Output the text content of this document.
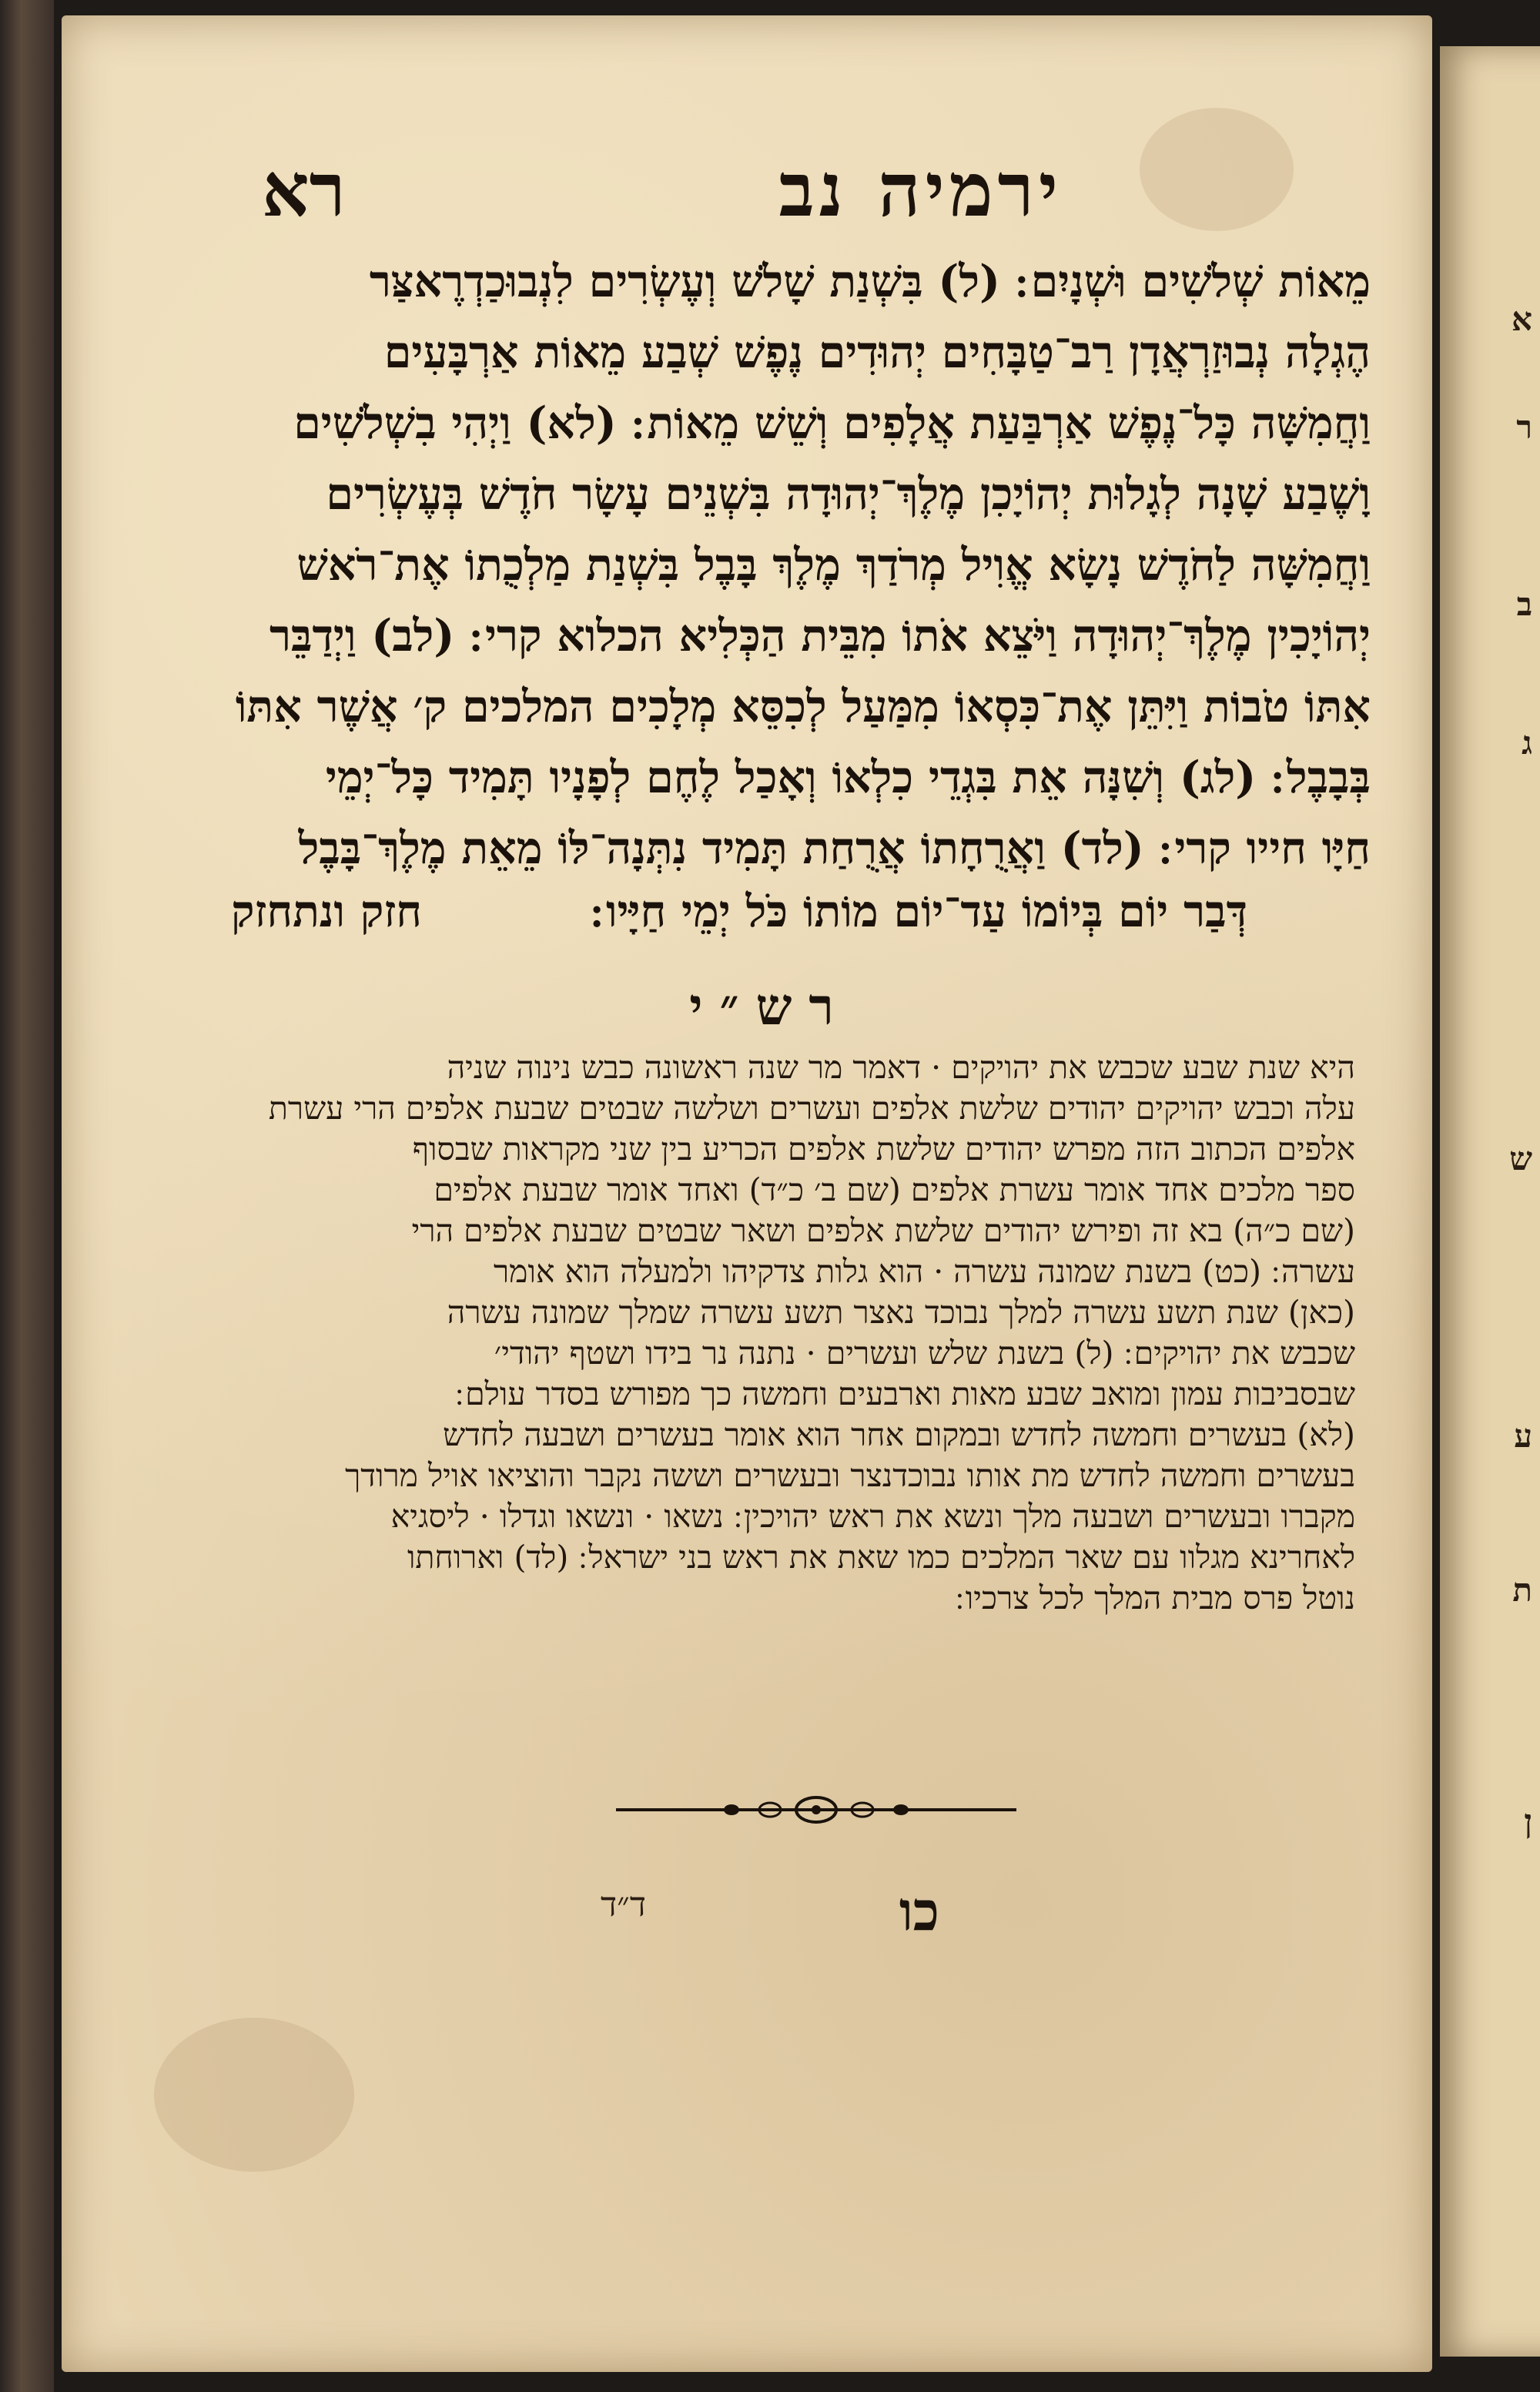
א
ר
ב
ג
ש
ע
ת
ן
ירמיה נב
רא
מֵאוֹת שְׁלֹשִׁים וּשְׁנָיִם ׃ (ל) בִּשְׁנַת שָׁלֹשׁ וְעֶשְׂרִים לִנְבוּכַדְרֶאצַּר
הֶגְלָה נְבוּזַרְאֲדָן רַב־טַבָּחִים יְהוּדִים נֶפֶשׁ שְׁבַע מֵאוֹת אַרְבָּעִים
וַחֲמִשָּׁה כָּל־נֶפֶשׁ אַרְבַּעַת אֲלָפִים וְשֵׁשׁ מֵאוֹת ׃ (לא) וַיְהִי בִשְׁלֹשִׁים
וָשֶׁבַע שָׁנָה לְגָלוּת יְהוֹיָכִן מֶלֶךְ־יְהוּדָה בִּשְׁנֵים עָשָׂר חֹדֶשׁ בְּעֶשְׂרִים
וַחֲמִשָּׁה לַחֹדֶשׁ נָשָׂא אֱוִיל מְרֹדַךְ מֶלֶךְ בָּבֶל בִּשְׁנַת מַלְכֻתוֹ אֶת־רֹאשׁ
יְהוֹיָכִין מֶלֶךְ־יְהוּדָה וַיֹּצֵא אֹתוֹ מִבֵּית הַכְּלִיא הכלוא קרי ׃ (לב) וַיְדַבֵּר
אִתּוֹ טֹבוֹת וַיִּתֵּן אֶת־כִּסְאוֹ מִמַּעַל לְכִסֵּא מְלָכִים המלכים ק׳ אֲשֶׁר אִתּוֹ
בְּבָבֶל ׃ (לג) וְשִׁנָּה אֵת בִּגְדֵי כִלְאוֹ וְאָכַל לֶחֶם לְפָנָיו תָּמִיד כָּל־יְמֵי
חַיָּו חייו קרי ׃ (לד) וַאֲרֻחָתוֹ אֲרֻחַת תָּמִיד נִתְּנָה־לּוֹ מֵאֵת מֶלֶךְ־בָּבֶל
דְּבַר יוֹם בְּיוֹמוֹ עַד־יוֹם מוֹתוֹ כֹּל יְמֵי חַיָּיו ׃
חזק ונתחזק
רש״י
היא שנת שבע שכבש את יהויקים · דאמר מר שנה ראשונה כבש נינוה שניה
עלה וכבש יהויקים יהודים שלשת אלפים ועשרים ושלשה שבטים שבעת אלפים הרי עשרת
אלפים הכתוב הזה מפרש יהודים שלשת אלפים הכריע בין שני מקראות שבסוף
ספר מלכים אחד אומר עשרת אלפים (שם ב׳ כ״ד) ואחד אומר שבעת אלפים
(שם כ״ה) בא זה ופירש יהודים שלשת אלפים ושאר שבטים שבעת אלפים הרי
עשרה ׃ (כט) בשנת שמונה עשרה · הוא גלות צדקיהו ולמעלה הוא אומר
(כאן) שנת תשע עשרה למלך נבוכד נאצר תשע עשרה שמלך שמונה עשרה
שכבש את יהויקים ׃ (ל) בשנת שלש ועשרים · נתנה נר בידו ושטף יהודי׳
שבסביבות עמון ומואב שבע מאות וארבעים וחמשה כך מפורש בסדר עולם ׃
(לא) בעשרים וחמשה לחדש ובמקום אחר הוא אומר בעשרים ושבעה לחדש
בעשרים וחמשה לחדש מת אותו נבוכדנצר ובעשרים וששה נקבר והוציאו אויל מרודך
מקברו ובעשרים ושבעה מלך ונשא את ראש יהויכין ׃ נשאו · ונשאו וגדלו · ליסגיא
לאחרינא מגלוו עם שאר המלכים כמו שאת את ראש בני ישראל ׃ (לד) וארוחתו
נוטל פרס מבית המלך לכל צרכיו ׃
כו
ד״ד
